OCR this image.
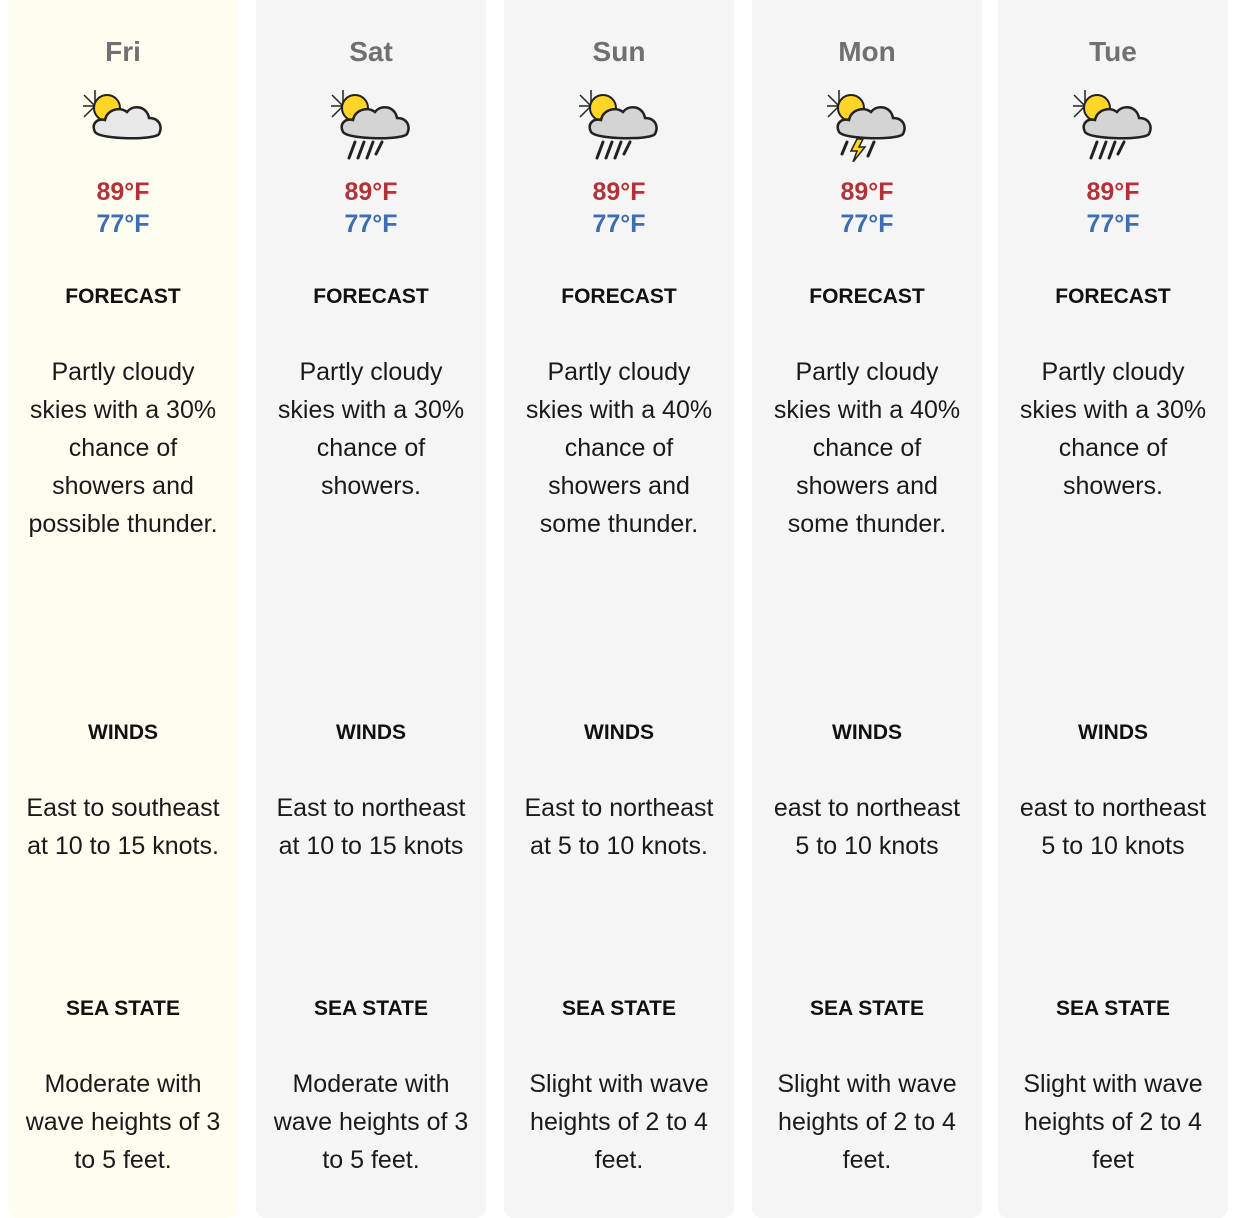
Fri
89°F
77°F
FORECAST
Partly cloudy skies with a 30% chance of showers and possible thunder.
WINDS
East to southeast at 10 to 15 knots.
SEA STATE
Moderate with wave heights of 3 to 5 feet.
Sat
89°F
77°F
FORECAST
Partly cloudy skies with a 30% chance of showers.
WINDS
East to northeast at 10 to 15 knots
SEA STATE
Moderate with wave heights of 3 to 5 feet.
Sun
89°F
77°F
FORECAST
Partly cloudy skies with a 40% chance of showers and some thunder.
WINDS
East to northeast at 5 to 10 knots.
SEA STATE
Slight with wave heights of 2 to 4 feet.
Mon
89°F
77°F
FORECAST
Partly cloudy skies with a 40% chance of showers and some thunder.
WINDS
east to northeast 5 to 10 knots
SEA STATE
Slight with wave heights of 2 to 4 feet.
Tue
89°F
77°F
FORECAST
Partly cloudy skies with a 30% chance of showers.
WINDS
east to northeast 5 to 10 knots
SEA STATE
Slight with wave heights of 2 to 4 feet
